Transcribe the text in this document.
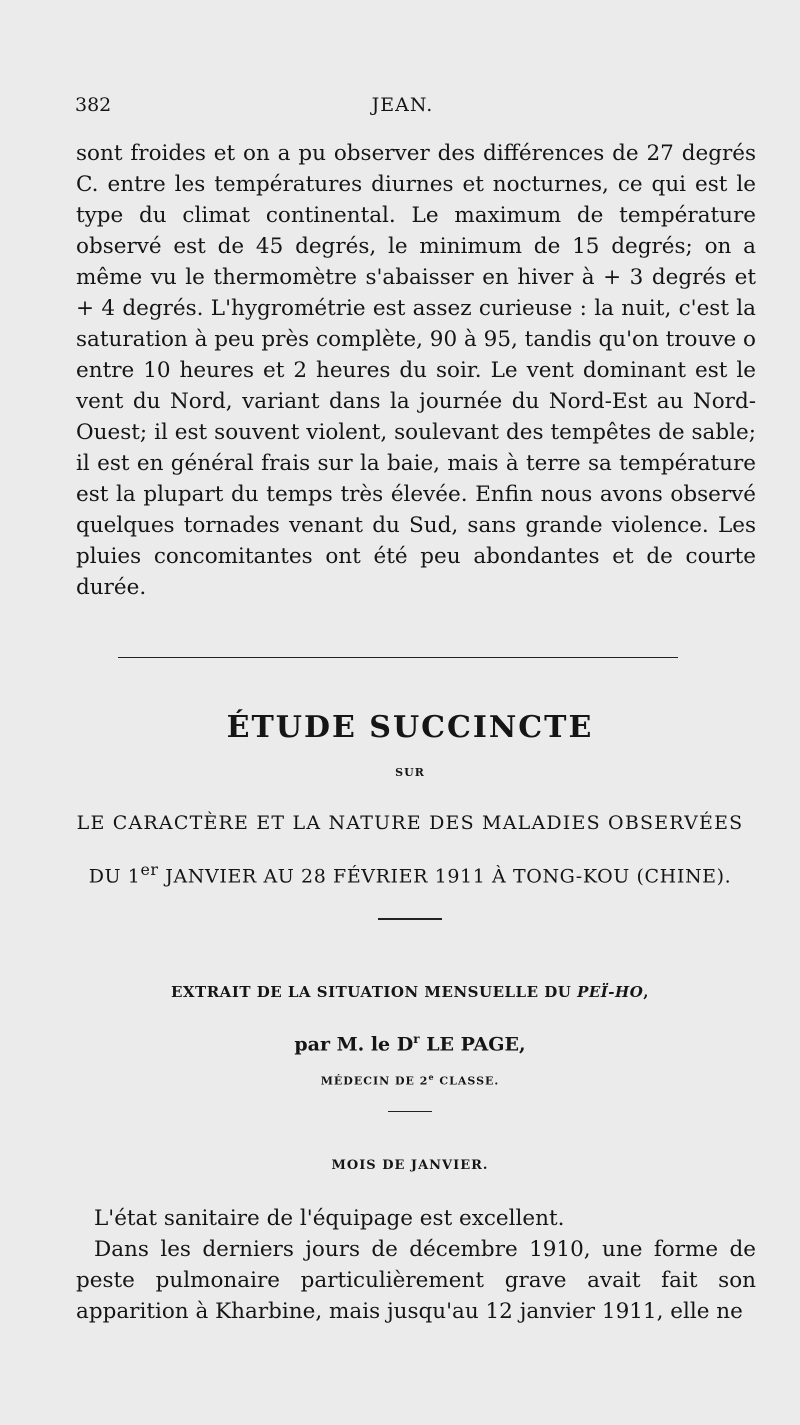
382	JEAN.

sont froides et on a pu observer des différences de 27 degrés C. entre les températures diurnes et nocturnes, ce qui est le type du climat continental. Le maximum de température observé est de 45 degrés, le minimum de 15 degrés; on a même vu le thermomètre s'abaisser en hiver à + 3 degrés et + 4 degrés. L'hygrométrie est assez curieuse : la nuit, c'est la saturation à peu près complète, 90 à 95, tandis qu'on trouve o entre 10 heures et 2 heures du soir. Le vent dominant est le vent du Nord, variant dans la journée du Nord-Est au Nord-Ouest; il est souvent violent, soulevant des tempêtes de sable; il est en général frais sur la baie, mais à terre sa température est la plupart du temps très élevée. Enfin nous avons observé quelques tornades venant du Sud, sans grande violence. Les pluies concomitantes ont été peu abondantes et de courte durée.

ÉTUDE SUCCINCTE
SUR
LE CARACTÈRE ET LA NATURE DES MALADIES OBSERVÉES
DU 1er JANVIER AU 28 FÉVRIER 1911 À TONG-KOU (CHINE).
EXTRAIT DE LA SITUATION MENSUELLE DU PEÏ-HO,
par M. le $D^r$ LE PAGE,
MÉDECIN DE 2e CLASSE.
MOIS DE JANVIER.
L'état sanitaire de l'équipage est excellent.
Dans les derniers jours de décembre 1910, une forme de peste pulmonaire particulièrement grave avait fait son apparition à Kharbine, mais jusqu'au 12 janvier 1911, elle ne
